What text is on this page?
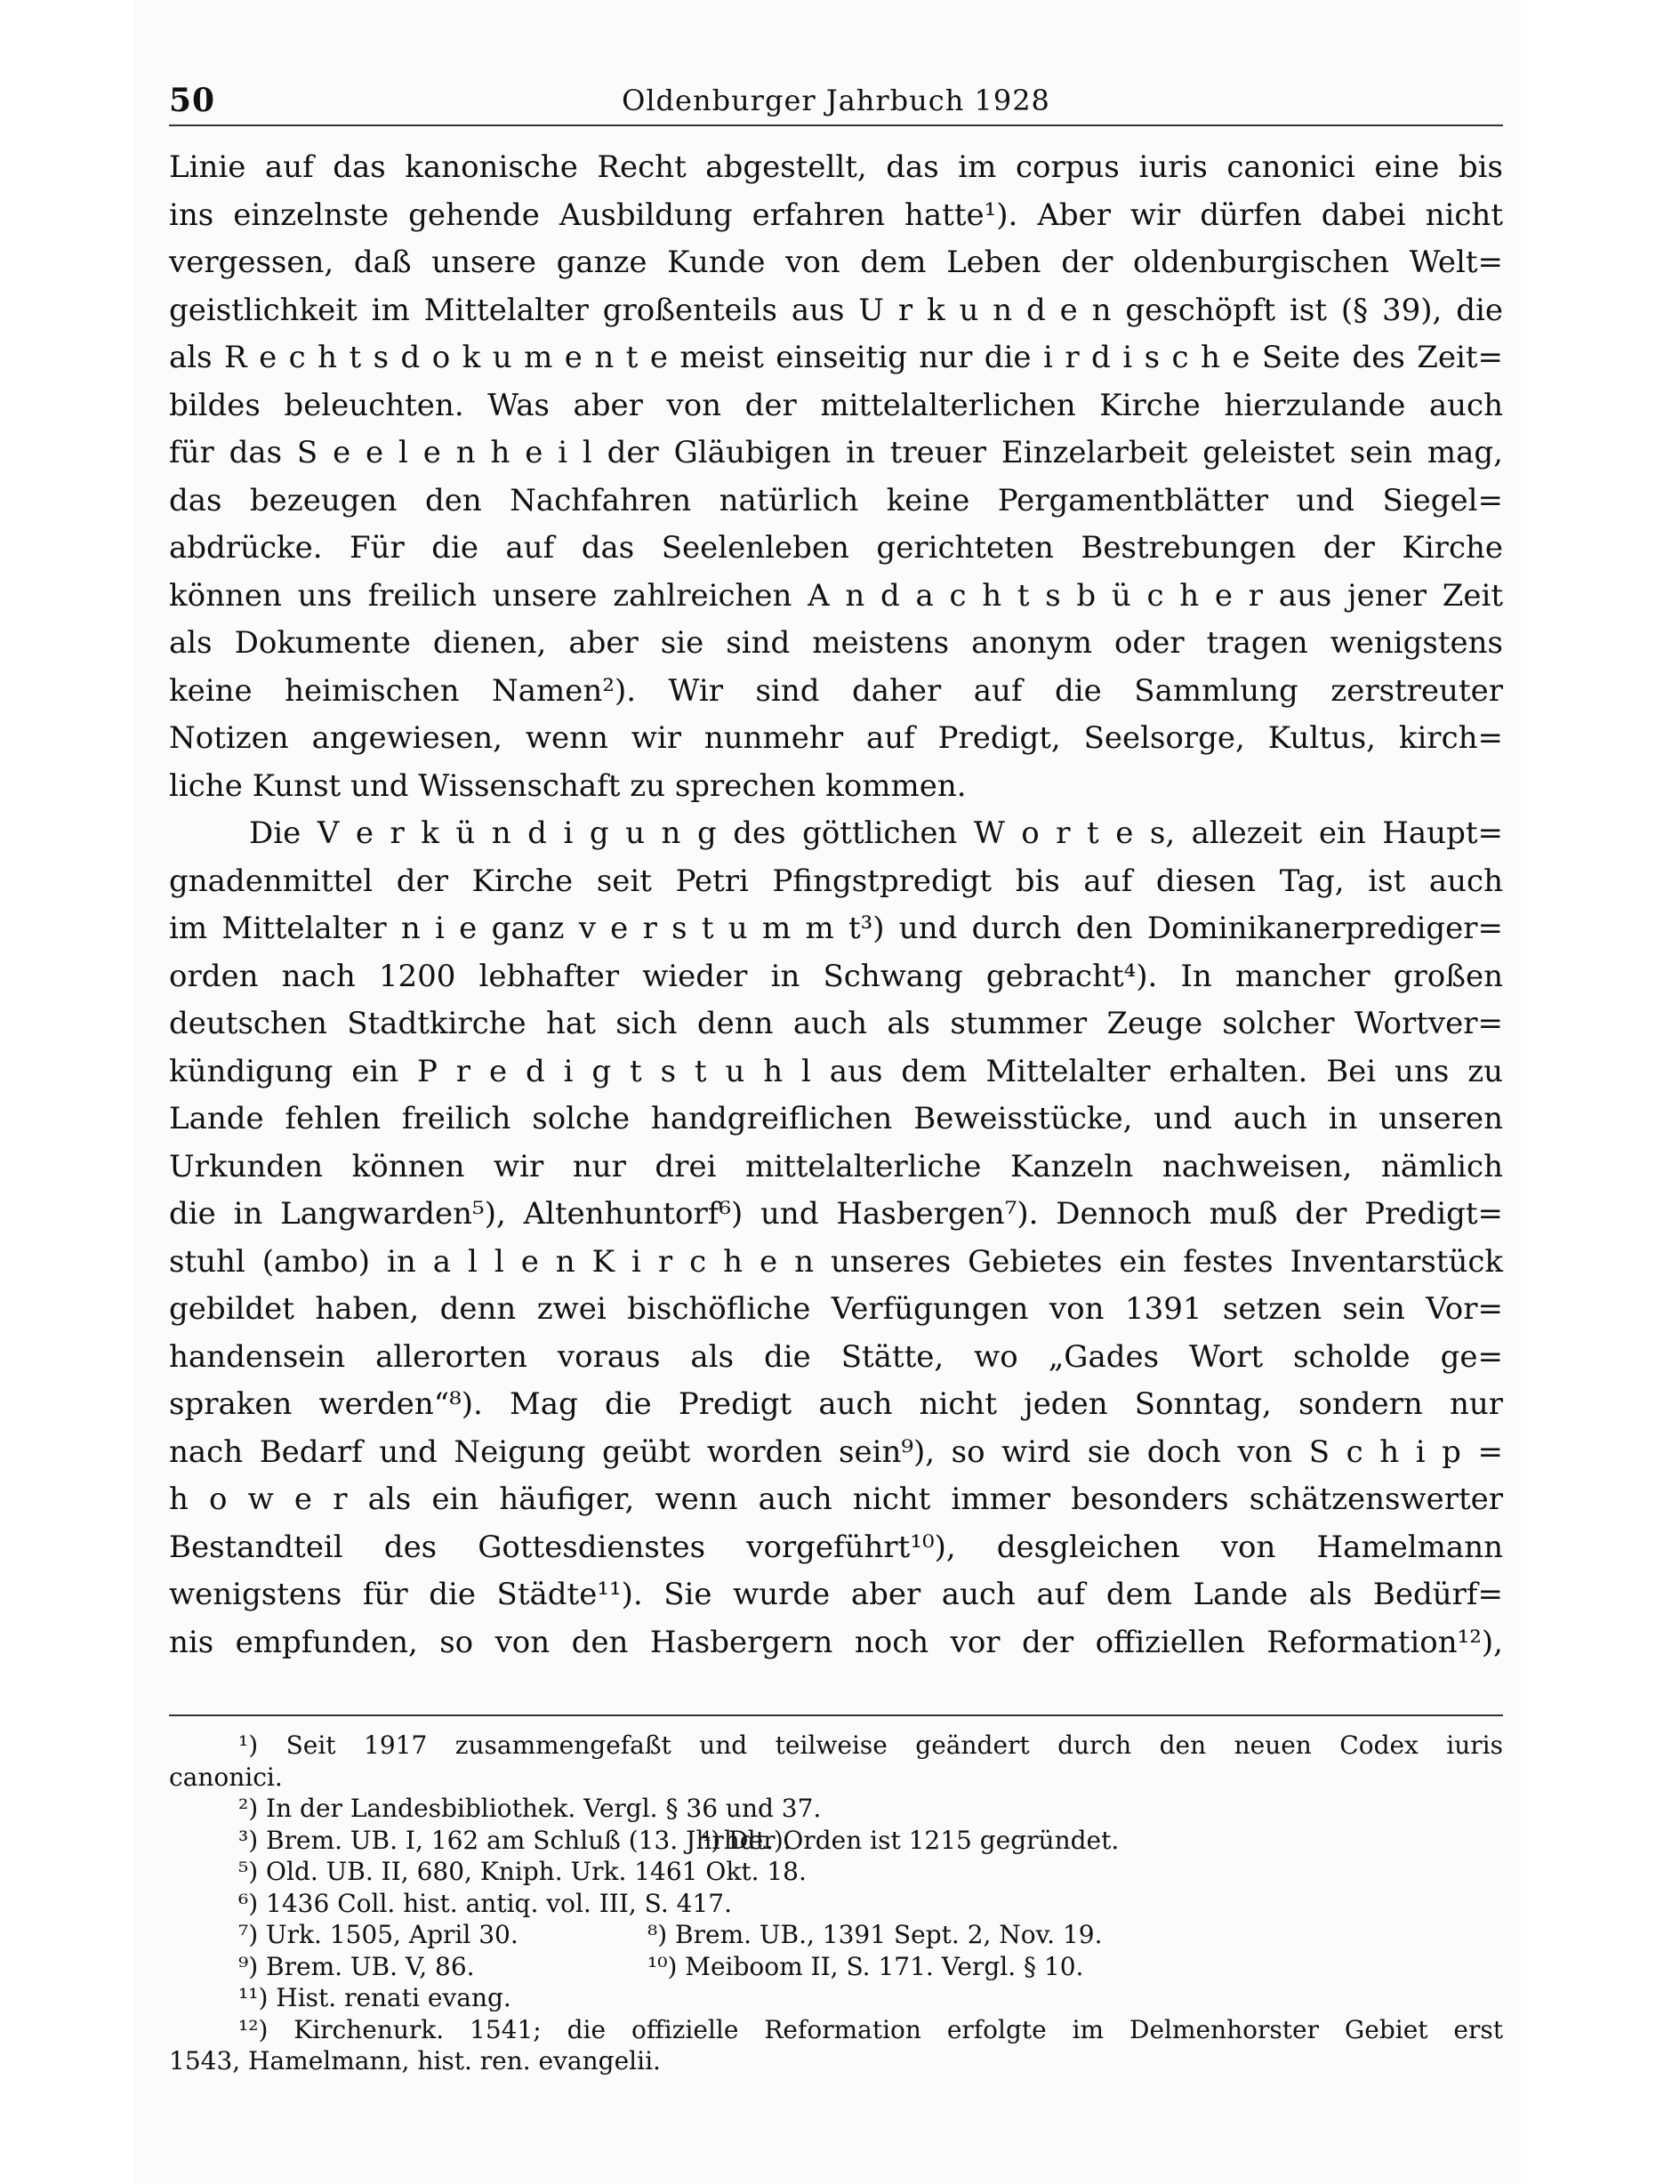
50	Oldenburger Jahrbuch 1928
Linie auf das kanonische Recht abgestellt, das im corpus iuris canonici eine bis
ins einzelnste gehende Ausbildung erfahren hatte¹). Aber wir dürfen dabei nicht
vergessen, daß unsere ganze Kunde von dem Leben der oldenburgischen Welt=
geistlichkeit im Mittelalter großenteils aus U r k u n d e n geschöpft ist (§ 39), die
als R e c h t s d o k u m e n t e meist einseitig nur die i r d i s c h e Seite des Zeit=
bildes beleuchten. Was aber von der mittelalterlichen Kirche hierzulande auch
für das S e e l e n h e i l der Gläubigen in treuer Einzelarbeit geleistet sein mag,
das bezeugen den Nachfahren natürlich keine Pergamentblätter und Siegel=
abdrücke. Für die auf das Seelenleben gerichteten Bestrebungen der Kirche
können uns freilich unsere zahlreichen A n d a c h t s b ü c h e r aus jener Zeit
als Dokumente dienen, aber sie sind meistens anonym oder tragen wenigstens
keine heimischen Namen²). Wir sind daher auf die Sammlung zerstreuter
Notizen angewiesen, wenn wir nunmehr auf Predigt, Seelsorge, Kultus, kirch=
liche Kunst und Wissenschaft zu sprechen kommen.
Die V e r k ü n d i g u n g des göttlichen W o r t e s, allezeit ein Haupt=
gnadenmittel der Kirche seit Petri Pfingstpredigt bis auf diesen Tag, ist auch
im Mittelalter n i e ganz v e r s t u m m t³) und durch den Dominikanerprediger=
orden nach 1200 lebhafter wieder in Schwang gebracht⁴). In mancher großen
deutschen Stadtkirche hat sich denn auch als stummer Zeuge solcher Wortver=
kündigung ein P r e d i g t s t u h l aus dem Mittelalter erhalten. Bei uns zu
Lande fehlen freilich solche handgreiflichen Beweisstücke, und auch in unseren
Urkunden können wir nur drei mittelalterliche Kanzeln nachweisen, nämlich
die in Langwarden⁵), Altenhuntorf⁶) und Hasbergen⁷). Dennoch muß der Predigt=
stuhl (ambo) in a l l e n K i r c h e n unseres Gebietes ein festes Inventarstück
gebildet haben, denn zwei bischöfliche Verfügungen von 1391 setzen sein Vor=
handensein allerorten voraus als die Stätte, wo „Gades Wort scholde ge=
spraken werden“⁸). Mag die Predigt auch nicht jeden Sonntag, sondern nur
nach Bedarf und Neigung geübt worden sein⁹), so wird sie doch von S c h i p =
h o w e r als ein häufiger, wenn auch nicht immer besonders schätzenswerter
Bestandteil des Gottesdienstes vorgeführt¹⁰), desgleichen von Hamelmann
wenigstens für die Städte¹¹). Sie wurde aber auch auf dem Lande als Bedürf=
nis empfunden, so von den Hasbergern noch vor der offiziellen Reformation¹²),
¹) Seit 1917 zusammengefaßt und teilweise geändert durch den neuen Codex iuris
canonici.
²) In der Landesbibliothek. Vergl. § 36 und 37.
³) Brem. UB. I, 162 am Schluß (13. Jhrhdt.).
⁴) Der Orden ist 1215 gegründet.
⁵) Old. UB. II, 680, Kniph. Urk. 1461 Okt. 18.
⁶) 1436 Coll. hist. antiq. vol. III, S. 417.
⁷) Urk. 1505, April 30.	⁸) Brem. UB., 1391 Sept. 2, Nov. 19.
⁹) Brem. UB. V, 86.	¹⁰) Meiboom II, S. 171. Vergl. § 10.
¹¹) Hist. renati evang.
¹²) Kirchenurk. 1541; die offizielle Reformation erfolgte im Delmenhorster Gebiet erst
1543, Hamelmann, hist. ren. evangelii.
